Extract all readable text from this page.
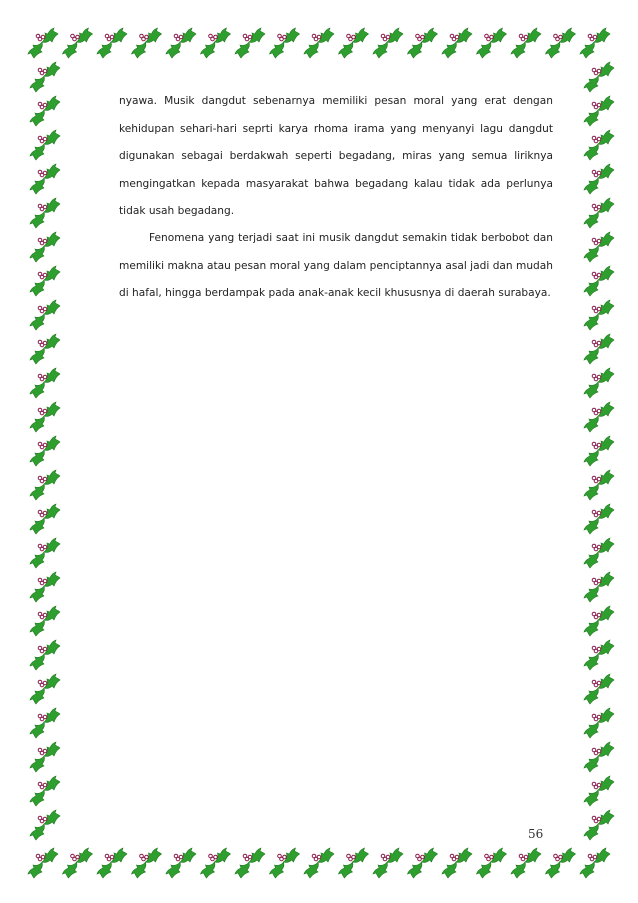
nyawa. Musik dangdut sebenarnya memiliki pesan moral yang erat dengan kehidupan sehari-hari seprti karya rhoma irama yang menyanyi lagu dangdut digunakan sebagai berdakwah seperti begadang, miras yang semua liriknya mengingatkan kepada masyarakat bahwa begadang kalau tidak ada perlunya tidak usah begadang.
Fenomena yang terjadi saat ini musik dangdut semakin tidak berbobot dan memiliki makna atau pesan moral yang dalam penciptannya asal jadi dan mudah di hafal, hingga berdampak pada anak-anak kecil khususnya di daerah surabaya.
56
